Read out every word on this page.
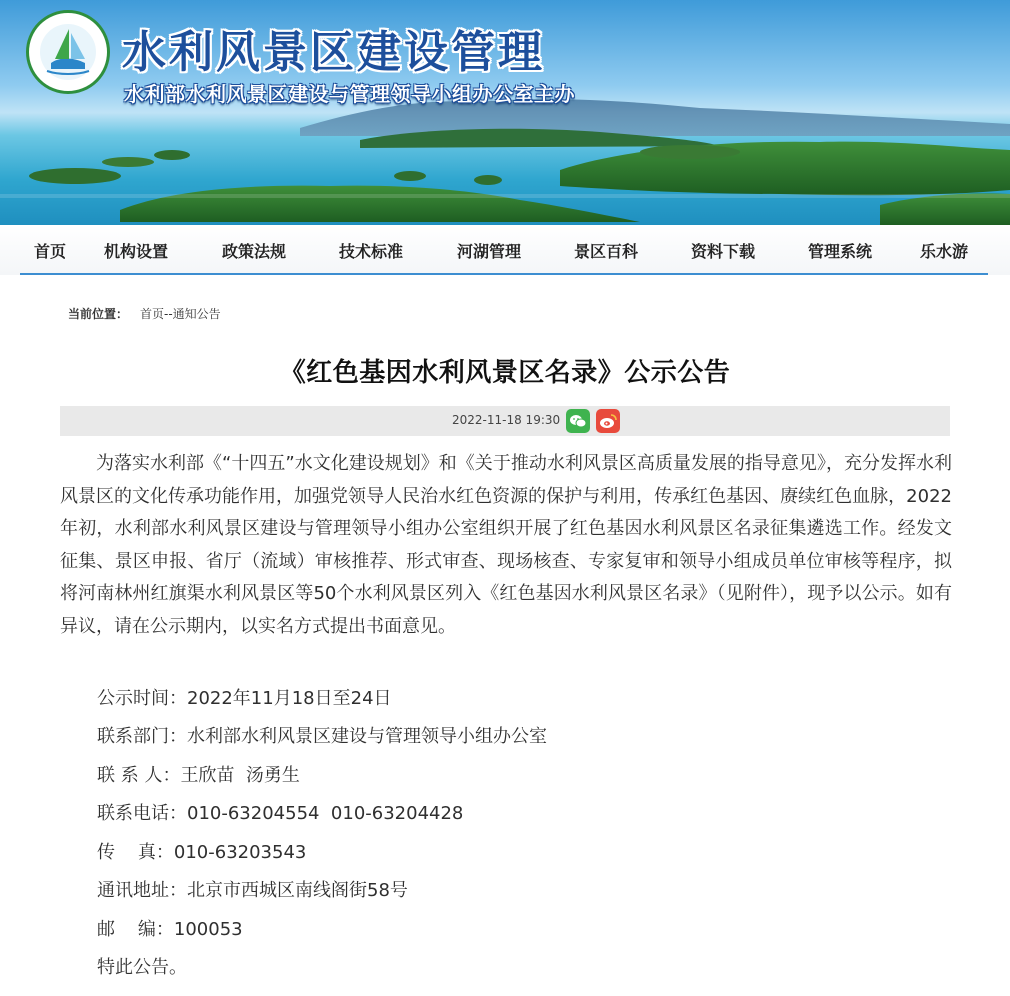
水利风景区建设管理
水利部水利风景区建设与管理领导小组办公室主办
首页 机构设置	政策法规	技术标准	河湖管理	景区百科	资料下载	管理系统	乐水游
当前位置： 首页--通知公告
《红色基因水利风景区名录》公示公告
2022-11-18 19:30
为落实水利部《“十四五”水文化建设规划》和《关于推动水利风景区高质量发展的指导意见》，充分发挥水利风景区的文化传承功能作用，加强党领导人民治水红色资源的保护与利用，传承红色基因、赓续红色血脉，2022年初，水利部水利风景区建设与管理领导小组办公室组织开展了红色基因水利风景区名录征集遴选工作。经发文征集、景区申报、省厅（流域）审核推荐、形式审查、现场核查、专家复审和领导小组成员单位审核等程序，拟将河南林州红旗渠水利风景区等50个水利风景区列入《红色基因水利风景区名录》（见附件），现予以公示。如有异议，请在公示期内，以实名方式提出书面意见。
公示时间：2022年11月18日至24日
联系部门：水利部水利风景区建设与管理领导小组办公室
联 系 人：王欣苗  汤勇生
联系电话：010-63204554  010-63204428
传    真：010-63203543
通讯地址：北京市西城区南线阁街58号
邮    编：100053
特此公告。
